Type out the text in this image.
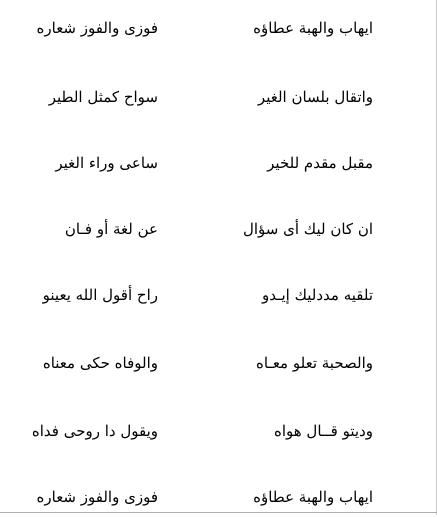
ايهاب والهبة عطاؤه
فوزى والفوز شعاره
واتقال بلسان الغير
سواح كمثل الطير
مقبل مقدم للخير
ساعى وراء الغير
ان كان ليك أى سؤال
عن لغة أو فـان
تلقيه مددليك إيـدو
راح أقول الله يعينو
والصحبة تعلو معـاه
والوفاه حكى معناه
وديتو قــال هواه
ويقول دا روحى فداه
ايهاب والهبة عطاؤه
فوزى والفوز شعاره
